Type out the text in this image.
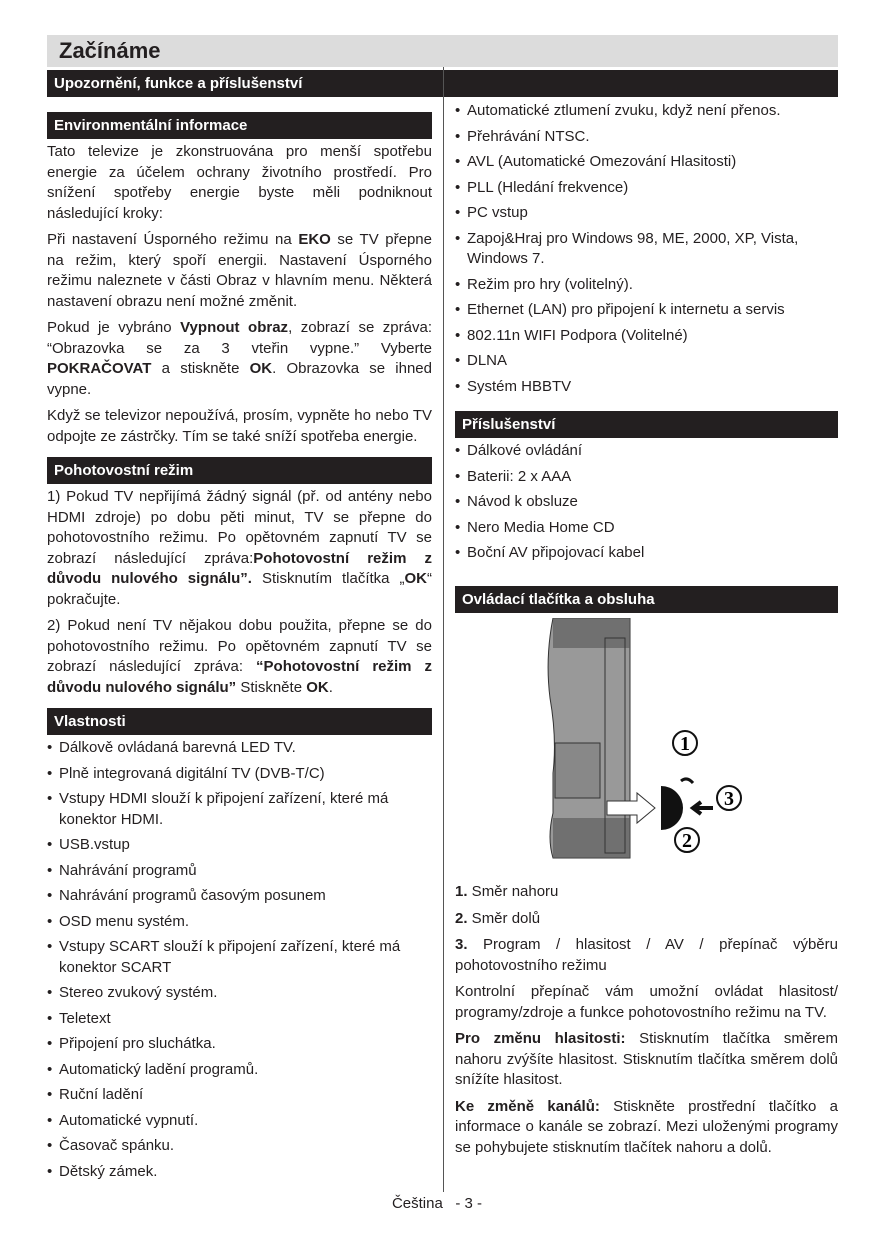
Začínáme
Upozornění, funkce a příslušenství
Environmentální informace

Tato televize je zkonstruována pro menší spotřebu energie za účelem ochrany životního prostředí. Pro snížení spotřeby energie byste měli podniknout následující kroky:

Při nastavení Úsporného režimu na EKO se TV přepne na režim, který spoří energii. Nastavení Úsporného režimu naleznete v části Obraz v hlavním menu. Některá nastavení obrazu není možné změnit.

Pokud je vybráno Vypnout obraz, zobrazí se zpráva: “Obrazovka se za 3 vteřin vypne.” Vyberte POKRAČOVAT a stiskněte OK. Obrazovka se ihned vypne.

Když se televizor nepoužívá, prosím, vypněte ho nebo TV odpojte ze zástrčky. Tím se také sníží spotřeba energie.

Pohotovostní režim

1) Pokud TV nepřijímá žádný signál (př. od antény nebo HDMI zdroje) po dobu pěti minut, TV se přepne do pohotovostního režimu. Po opětovném zapnutí TV se zobrazí následující zpráva:Pohotovostní režim z důvodu nulového signálu”. Stisknutím tlačítka „OK“ pokračujte.

2) Pokud není TV nějakou dobu použita, přepne se do pohotovostního režimu. Po opětovném zapnutí TV se zobrazí následující zpráva: “Pohotovostní režim z důvodu nulového signálu” Stiskněte OK.

Vlastnosti
• Dálkově ovládaná barevná LED TV.
• Plně integrovaná digitální TV (DVB-T/C)
• Vstupy HDMI slouží k připojení zařízení, které má konektor HDMI.
• USB.vstup
• Nahrávání programů
• Nahrávání programů časovým posunem
• OSD menu systém.
• Vstupy SCART slouží k připojení zařízení, které má konektor SCART
• Stereo zvukový systém.
• Teletext
• Připojení pro sluchátka.
• Automatický ladění programů.
• Ruční ladění
• Automatické vypnutí.
• Časovač spánku.
• Dětský zámek.
• Automatické ztlumení zvuku, když není přenos.
• Přehrávání NTSC.
• AVL (Automatické Omezování Hlasitosti)
• PLL (Hledání frekvence)
• PC vstup
• Zapoj&Hraj pro Windows 98, ME, 2000, XP, Vista, Windows 7.
• Režim pro hry (volitelný).
• Ethernet (LAN) pro připojení k internetu a servis
• 802.11n WIFI Podpora (Volitelné)
• DLNA
• Systém HBBTV
Příslušenství
• Dálkové ovládání
• Baterii: 2 x AAA
• Návod k obsluze
• Nero Media Home CD
• Boční AV připojovací kabel
Ovládací tlačítka a obsluha
1
2
3

1. Směr nahoru

2. Směr dolů

3. Program / hlasitost / AV / přepínač výběru pohotovostního režimu

Kontrolní přepínač vám umožní ovládat hlasitost/ programy/zdroje a funkce pohotovostního režimu na TV.

Pro změnu hlasitosti: Stisknutím tlačítka směrem nahoru zvýšíte hlasitost. Stisknutím tlačítka směrem dolů snížíte hlasitost.

Ke změně kanálů: Stiskněte prostřední tlačítko a informace o kanále se zobrazí. Mezi uloženými programy se pohybujete stisknutím tlačítek nahoru a dolů.

Čeština - 3 -
